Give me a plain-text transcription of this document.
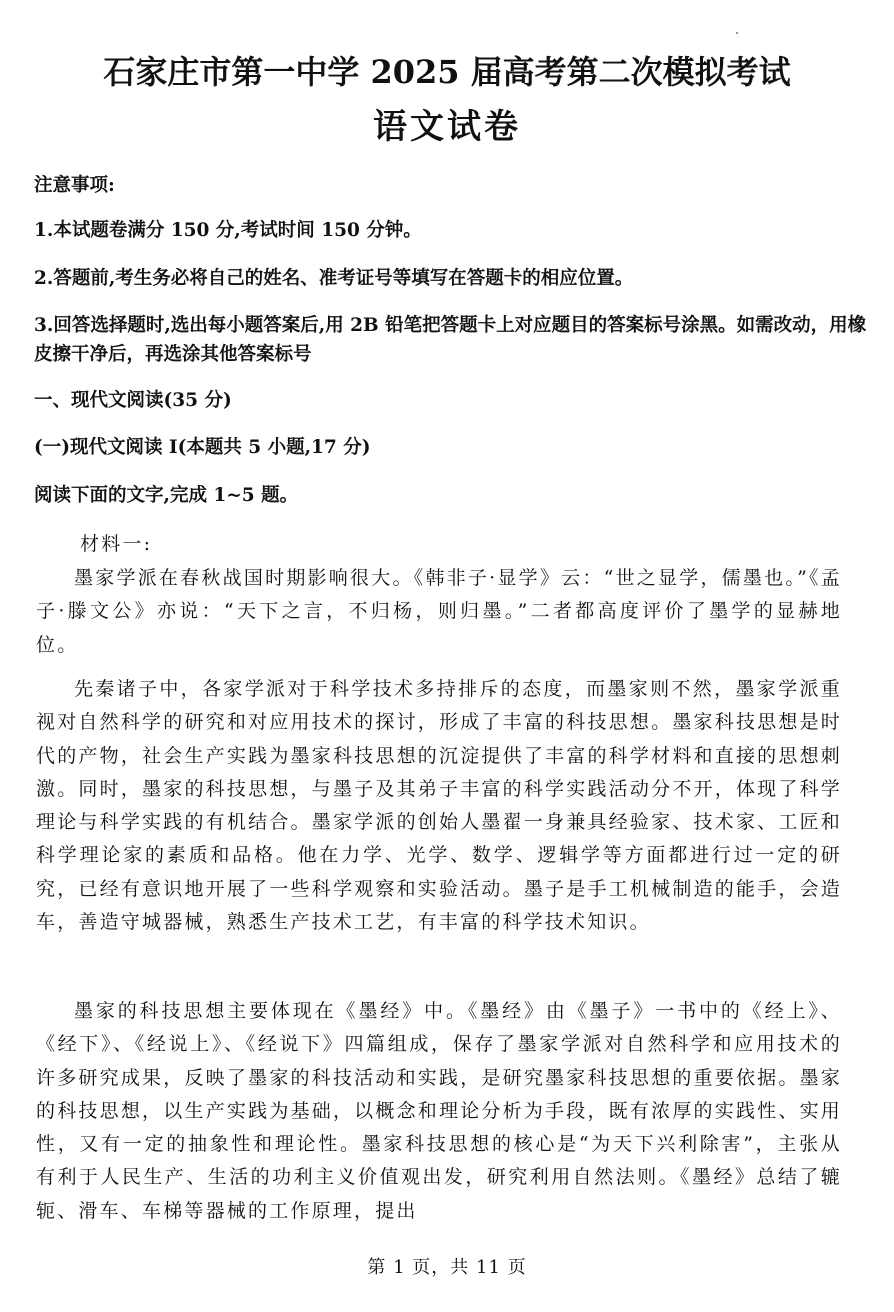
石家庄市第一中学 2025 届高考第二次模拟考试
语文试卷
注意事项:
1.本试题卷满分 150 分,考试时间 150 分钟。
2.答题前,考生务必将自己的姓名、准考证号等填写在答题卡的相应位置。
3.回答选择题时,选出每小题答案后,用 2B 铅笔把答题卡上对应题目的答案标号涂黑。如需改动，用橡皮擦干净后，再选涂其他答案标号
一、现代文阅读(35 分)
(一)现代文阅读 I(本题共 5 小题,17 分)
阅读下面的文字,完成 1~5 题。
材料一:
墨家学派在春秋战国时期影响很大。《韩非子·显学》云：“世之显学，儒墨也。”《孟子·滕文公》亦说：“天下之言，不归杨，则归墨。”二者都高度评价了墨学的显赫地位。
先秦诸子中，各家学派对于科学技术多持排斥的态度，而墨家则不然，墨家学派重视对自然科学的研究和对应用技术的探讨，形成了丰富的科技思想。墨家科技思想是时代的产物，社会生产实践为墨家科技思想的沉淀提供了丰富的科学材料和直接的思想刺激。同时，墨家的科技思想，与墨子及其弟子丰富的科学实践活动分不开，体现了科学理论与科学实践的有机结合。墨家学派的创始人墨翟一身兼具经验家、技术家、工匠和科学理论家的素质和品格。他在力学、光学、数学、逻辑学等方面都进行过一定的研究，已经有意识地开展了一些科学观察和实验活动。墨子是手工机械制造的能手，会造车，善造守城器械，熟悉生产技术工艺，有丰富的科学技术知识。
墨家的科技思想主要体现在《墨经》中。《墨经》由《墨子》一书中的《经上》、《经下》、《经说上》、《经说下》四篇组成，保存了墨家学派对自然科学和应用技术的许多研究成果，反映了墨家的科技活动和实践，是研究墨家科技思想的重要依据。墨家的科技思想，以生产实践为基础，以概念和理论分析为手段，既有浓厚的实践性、实用性，又有一定的抽象性和理论性。墨家科技思想的核心是“为天下兴利除害”，主张从有利于人民生产、生活的功利主义价值观出发，研究利用自然法则。《墨经》总结了辘轭、滑车、车梯等器械的工作原理，提出
第 1 页，共 11 页
